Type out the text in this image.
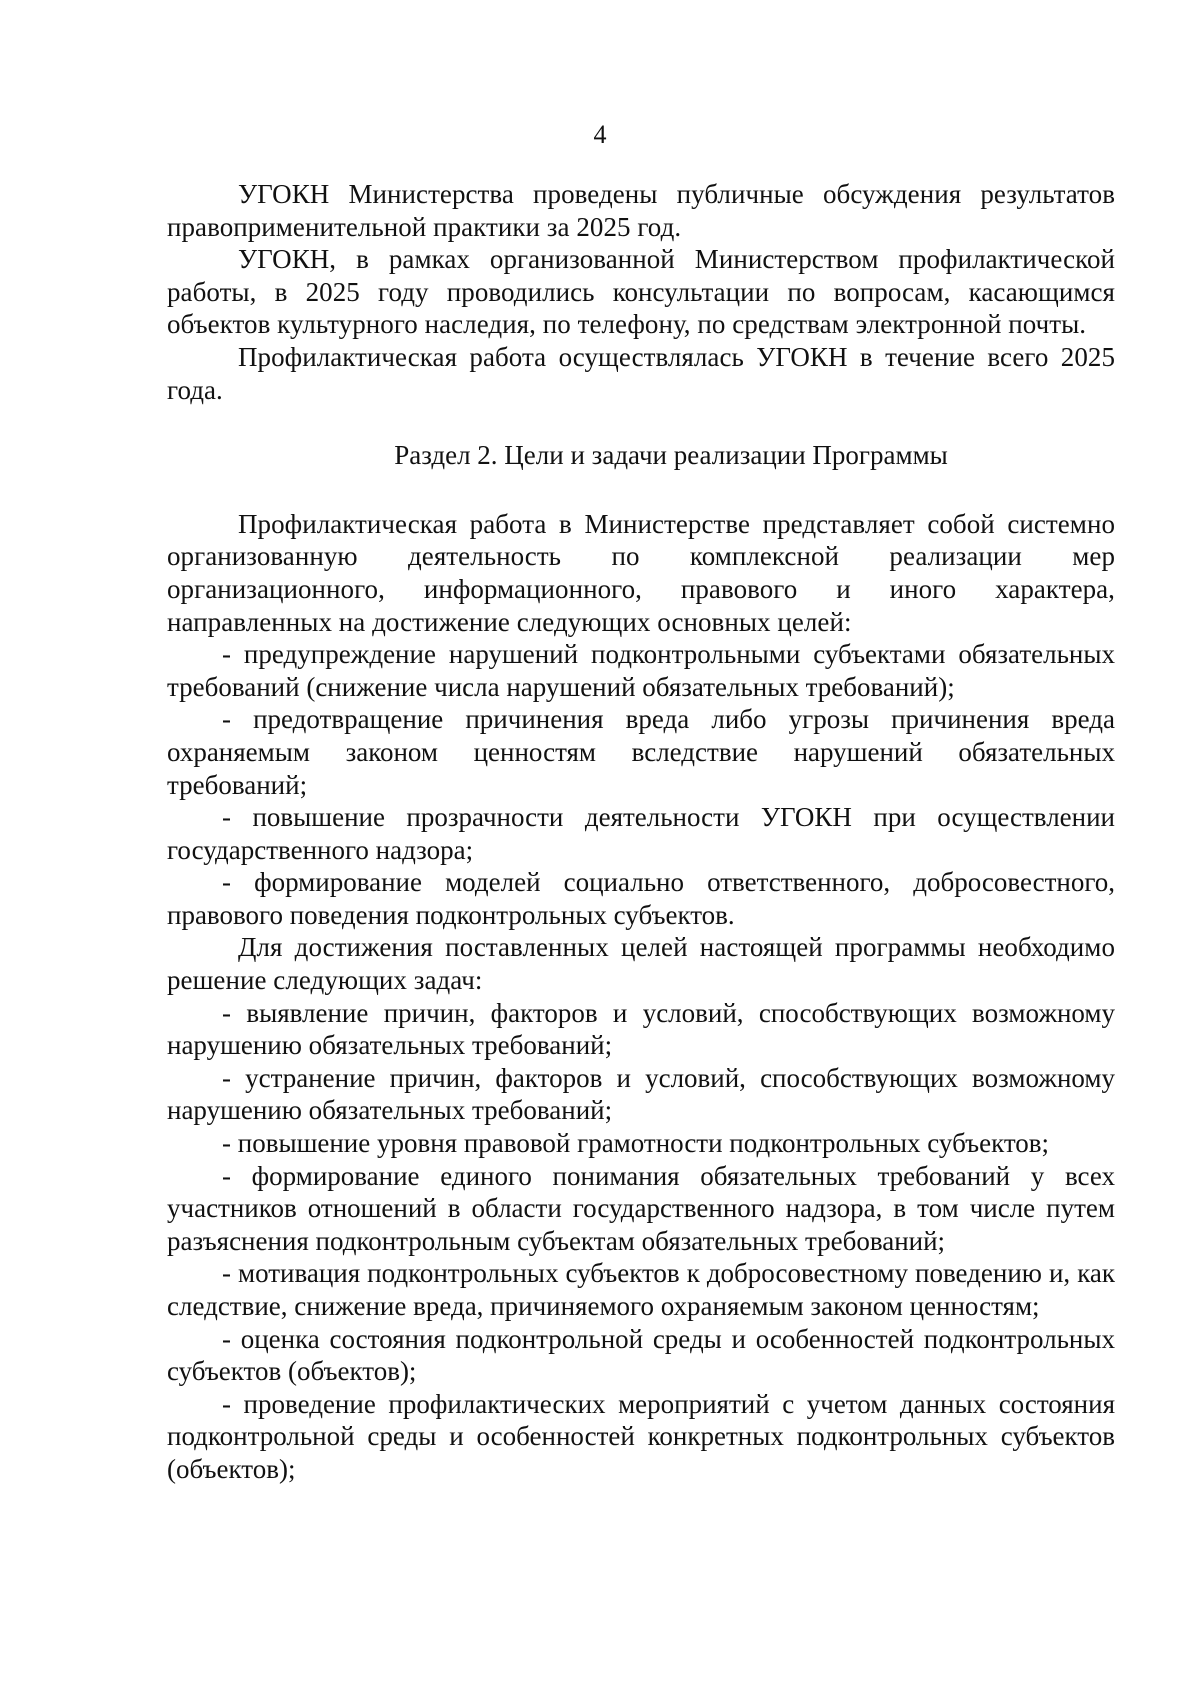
4

УГОКН Министерства проведены публичные обсуждения результатов правоприменительной практики за 2025 год.

УГОКН, в рамках организованной Министерством профилактической работы, в 2025 году проводились консультации по вопросам, касающимся объектов культурного наследия, по телефону, по средствам электронной почты.

Профилактическая работа осуществлялась УГОКН в течение всего 2025 года.

Раздел 2. Цели и задачи реализации Программы

Профилактическая работа в Министерстве представляет собой системно организованную деятельность по комплексной реализации мер организационного, информационного, правового и иного характера, направленных на достижение следующих основных целей:

- предупреждение нарушений подконтрольными субъектами обязательных требований (снижение числа нарушений обязательных требований);

- предотвращение причинения вреда либо угрозы причинения вреда охраняемым законом ценностям вследствие нарушений обязательных требований;

- повышение прозрачности деятельности УГОКН при осуществлении государственного надзора;

- формирование моделей социально ответственного, добросовестного, правового поведения подконтрольных субъектов.

Для достижения поставленных целей настоящей программы необходимо решение следующих задач:

- выявление причин, факторов и условий, способствующих возможному нарушению обязательных требований;

- устранение причин, факторов и условий, способствующих возможному нарушению обязательных требований;

- повышение уровня правовой грамотности подконтрольных субъектов;

- формирование единого понимания обязательных требований у всех участников отношений в области государственного надзора, в том числе путем разъяснения подконтрольным субъектам обязательных требований;

- мотивация подконтрольных субъектов к добросовестному поведению и, как следствие, снижение вреда, причиняемого охраняемым законом ценностям;

- оценка состояния подконтрольной среды и особенностей подконтрольных субъектов (объектов);

- проведение профилактических мероприятий с учетом данных состояния подконтрольной среды и особенностей конкретных подконтрольных субъектов (объектов);
